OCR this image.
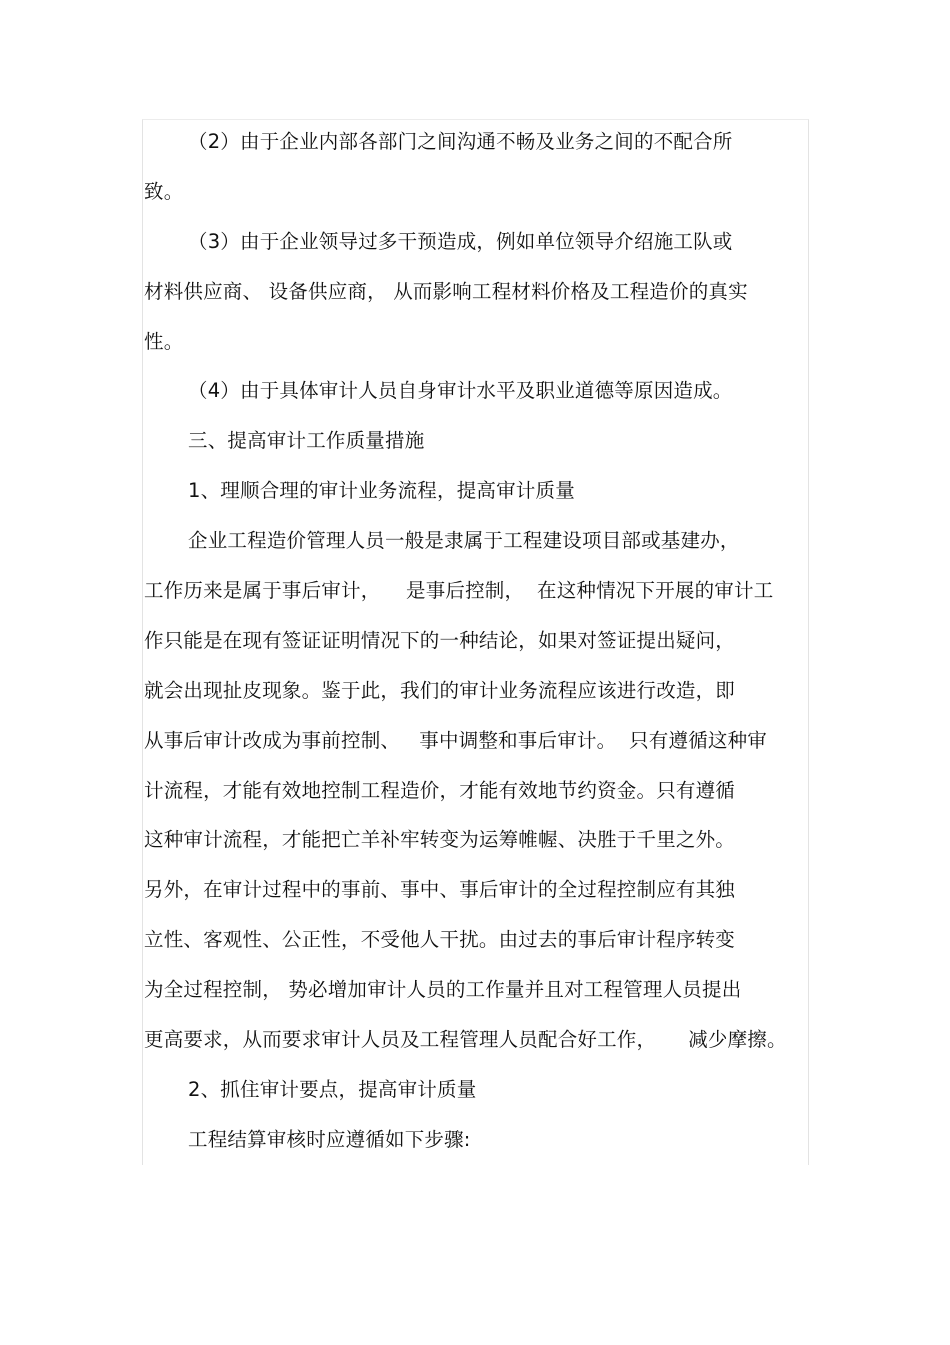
（2）由于企业内部各部门之间沟通不畅及业务之间的不配合所
致。
（3）由于企业领导过多干预造成，例如单位领导介绍施工队或
材料供应商、 设备供应商， 从而影响工程材料价格及工程造价的真实
性。
（4）由于具体审计人员自身审计水平及职业道德等原因造成。
三、提高审计工作质量措施
1、理顺合理的审计业务流程，提高审计质量
企业工程造价管理人员一般是隶属于工程建设项目部或基建办，
工作历来是属于事后审计，    是事后控制，  在这种情况下开展的审计工
作只能是在现有签证证明情况下的一种结论，如果对签证提出疑问，
就会出现扯皮现象。鉴于此，我们的审计业务流程应该进行改造，即
从事后审计改成为事前控制、   事中调整和事后审计。  只有遵循这种审
计流程，才能有效地控制工程造价，才能有效地节约资金。只有遵循
这种审计流程，才能把亡羊补牢转变为运筹帷幄、决胜于千里之外。
另外，在审计过程中的事前、事中、事后审计的全过程控制应有其独
立性、客观性、公正性，不受他人干扰。由过去的事后审计程序转变
为全过程控制， 势必增加审计人员的工作量并且对工程管理人员提出
更高要求，从而要求审计人员及工程管理人员配合好工作，     减少摩擦。
2、抓住审计要点，提高审计质量
工程结算审核时应遵循如下步骤:
